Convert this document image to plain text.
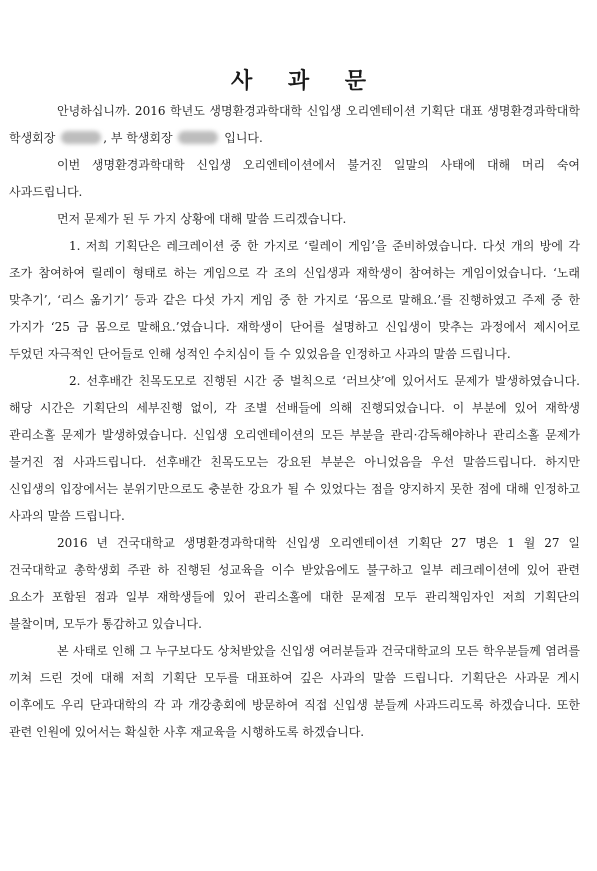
사 과 문

안녕하십니까. 2016 학년도 생명환경과학대학 신입생 오리엔테이션 기획단 대표 생명환경과학대학 학생회장	, 부 학생회장	입니다.

이번 생명환경과학대학 신입생 오리엔테이션에서 불거진 일말의 사태에 대해 머리 숙여 사과드립니다.

먼저 문제가 된 두 가지 상황에 대해 말씀 드리겠습니다.

1. 저희 기획단은 레크레이션 중 한 가지로 ‘릴레이 게임’을 준비하였습니다. 다섯 개의 방에 각 조가 참여하여 릴레이 형태로 하는 게임으로 각 조의 신입생과 재학생이 참여하는 게임이었습니다. ‘노래 맞추기’, ‘리스 옮기기’ 등과 같은 다섯 가지 게임 중 한 가지로 ‘몸으로 말해요.’를 진행하였고 주제 중 한 가지가 ‘25 금 몸으로 말해요.’였습니다. 재학생이 단어를 설명하고 신입생이 맞추는 과정에서 제시어로 두었던 자극적인 단어들로 인해 성적인 수치심이 들 수 있었음을 인정하고 사과의 말씀 드립니다.

2. 선후배간 친목도모로 진행된 시간 중 벌칙으로 ‘러브샷’에 있어서도 문제가 발생하였습니다. 해당 시간은 기획단의 세부진행 없이, 각 조별 선배들에 의해 진행되었습니다. 이 부분에 있어 재학생 관리소홀 문제가 발생하였습니다. 신입생 오리엔테이션의 모든 부분을 관리·감독해야하나 관리소홀 문제가 불거진 점 사과드립니다. 선후배간 친목도모는 강요된 부분은 아니었음을 우선 말씀드립니다. 하지만 신입생의 입장에서는 분위기만으로도 충분한 강요가 될 수 있었다는 점을 양지하지 못한 점에 대해 인정하고 사과의 말씀 드립니다.

2016 년 건국대학교 생명환경과학대학 신입생 오리엔테이션 기획단 27 명은 1 월 27 일 건국대학교 총학생회 주관 하 진행된 성교육을 이수 받았음에도 불구하고 일부 레크레이션에 있어 관련 요소가 포함된 점과 일부 재학생들에 있어 관리소홀에 대한 문제점 모두 관리책임자인 저희 기획단의 불찰이며, 모두가 통감하고 있습니다.

본 사태로 인해 그 누구보다도 상처받았을 신입생 여러분들과 건국대학교의 모든 학우분들께 염려를 끼쳐 드린 것에 대해 저희 기획단 모두를 대표하여 깊은 사과의 말씀 드립니다. 기획단은 사과문 게시 이후에도 우리 단과대학의 각 과 개강총회에 방문하여 직접 신입생 분들께 사과드리도록 하겠습니다. 또한 관련 인원에 있어서는 확실한 사후 재교육을 시행하도록 하겠습니다.
